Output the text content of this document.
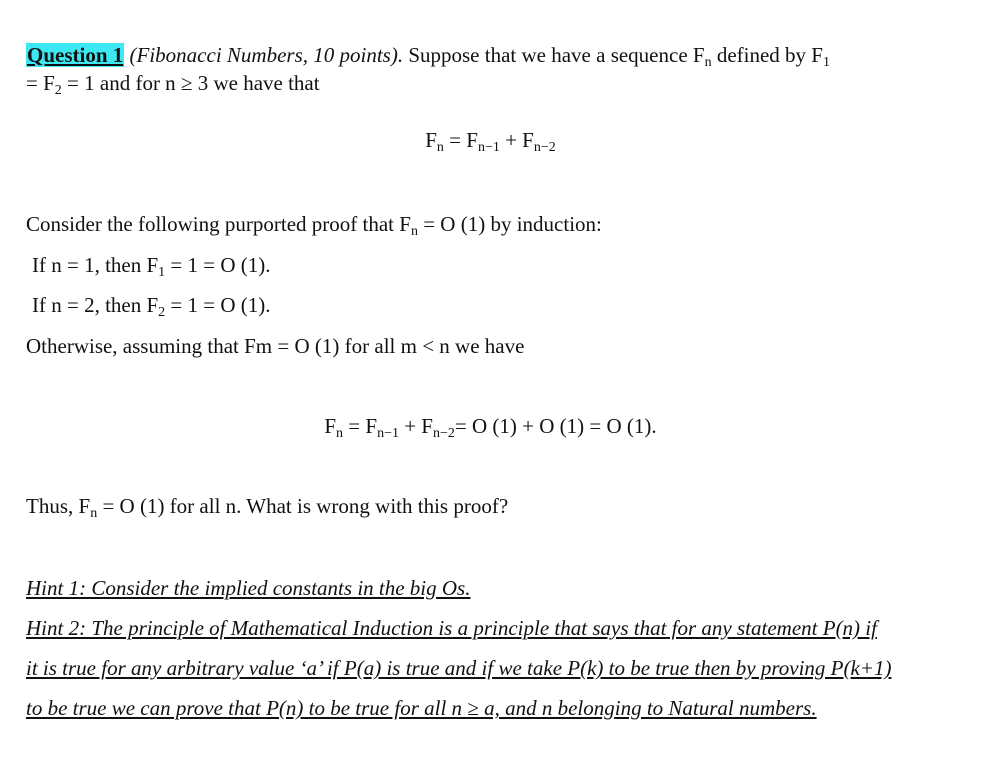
Question 1 (Fibonacci Numbers, 10 points). Suppose that we have a sequence Fn defined by F1
= F2 = 1 and for n ≥ 3 we have that
Fn = Fn−1 + Fn−2
Consider the following purported proof that Fn = O (1) by induction:
If n = 1, then F1 = 1 = O (1).
If n = 2, then F2 = 1 = O (1).
Otherwise, assuming that Fm = O (1) for all m < n we have
Fn = Fn−1 + Fn−2= O (1) + O (1) = O (1).
Thus, Fn = O (1) for all n. What is wrong with this proof?
Hint 1: Consider the implied constants in the big Os.
Hint 2: The principle of Mathematical Induction is a principle that says that for any statement P(n) if
it is true for any arbitrary value ‘a’ if P(a) is true and if we take P(k) to be true then by proving P(k+1)
to be true we can prove that P(n) to be true for all n ≥ a, and n belonging to Natural numbers.
